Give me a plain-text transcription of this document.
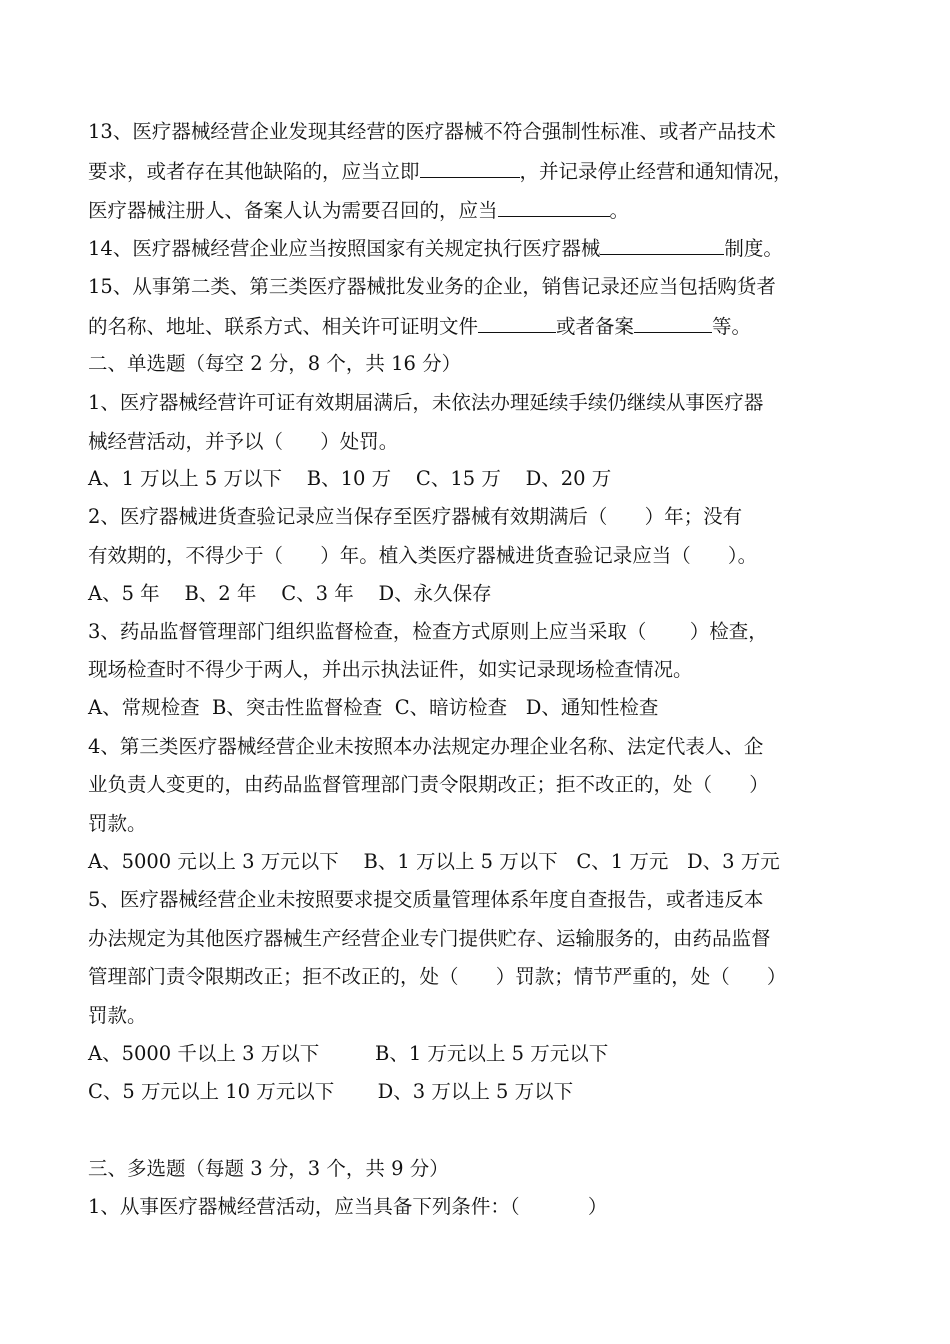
13、医疗器械经营企业发现其经营的医疗器械不符合强制性标准、或者产品技术
要求，或者存在其他缺陷的，应当立即	，并记录停止经营和通知情况，
医疗器械注册人、备案人认为需要召回的，应当	。
14、医疗器械经营企业应当按照国家有关规定执行医疗器械	制度。
15、从事第二类、第三类医疗器械批发业务的企业，销售记录还应当包括购货者
的名称、地址、联系方式、相关许可证明文件	或者备案	等。
二、单选题（每空 2 分，8 个，共 16 分）
1、医疗器械经营许可证有效期届满后，未依法办理延续手续仍继续从事医疗器
械经营活动，并予以（      ）处罚。
A、1 万以上 5 万以下    B、10 万    C、15 万    D、20 万
2、医疗器械进货查验记录应当保存至医疗器械有效期满后（      ）年；没有
有效期的，不得少于（      ）年。植入类医疗器械进货查验记录应当（      ）。
A、5 年    B、2 年    C、3 年    D、永久保存
3、药品监督管理部门组织监督检查，检查方式原则上应当采取（       ）检查，
现场检查时不得少于两人，并出示执法证件，如实记录现场检查情况。
A、常规检查  B、突击性监督检查  C、暗访检查   D、通知性检查
4、第三类医疗器械经营企业未按照本办法规定办理企业名称、法定代表人、企
业负责人变更的，由药品监督管理部门责令限期改正；拒不改正的，处（      ）
罚款。
A、5000 元以上 3 万元以下    B、1 万以上 5 万以下   C、1 万元   D、3 万元
5、医疗器械经营企业未按照要求提交质量管理体系年度自查报告，或者违反本
办法规定为其他医疗器械生产经营企业专门提供贮存、运输服务的，由药品监督
管理部门责令限期改正；拒不改正的，处（      ）罚款；情节严重的，处（      ）
罚款。
A、5000 千以上 3 万以下         B、1 万元以上 5 万元以下
C、5 万元以上 10 万元以下       D、3 万以上 5 万以下
三、多选题（每题 3 分，3 个，共 9 分）
1、从事医疗器械经营活动，应当具备下列条件：（           ）
